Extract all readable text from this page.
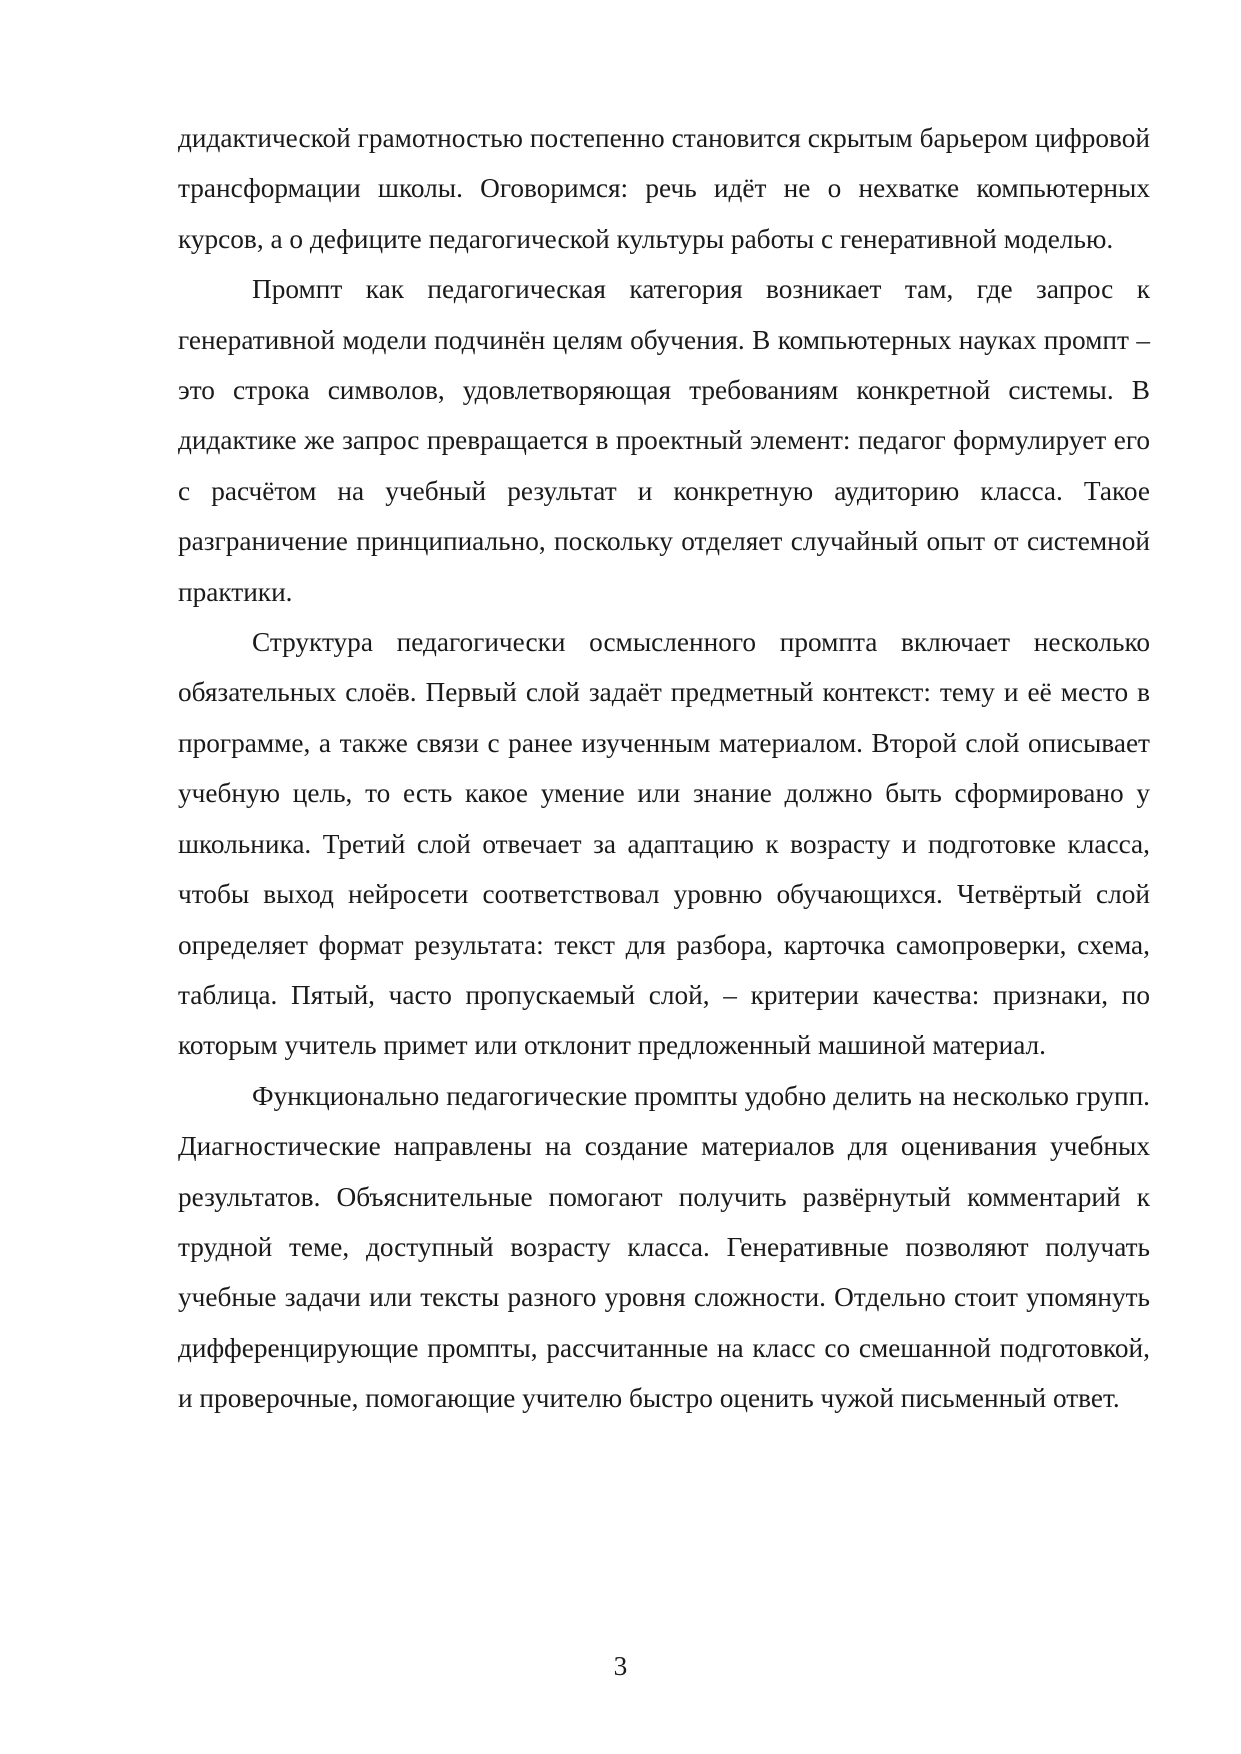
дидактической грамотностью постепенно становится скрытым барьером цифровой трансформации школы. Оговоримся: речь идёт не о нехватке компьютерных курсов, а о дефиците педагогической культуры работы с генеративной моделью.

Промпт как педагогическая категория возникает там, где запрос к генеративной модели подчинён целям обучения. В компьютерных науках промпт – это строка символов, удовлетворяющая требованиям конкретной системы. В дидактике же запрос превращается в проектный элемент: педагог формулирует его с расчётом на учебный результат и конкретную аудиторию класса. Такое разграничение принципиально, поскольку отделяет случайный опыт от системной практики.

Структура педагогически осмысленного промпта включает несколько обязательных слоёв. Первый слой задаёт предметный контекст: тему и её место в программе, а также связи с ранее изученным материалом. Второй слой описывает учебную цель, то есть какое умение или знание должно быть сформировано у школьника. Третий слой отвечает за адаптацию к возрасту и подготовке класса, чтобы выход нейросети соответствовал уровню обучающихся. Четвёртый слой определяет формат результата: текст для разбора, карточка самопроверки, схема, таблица. Пятый, часто пропускаемый слой, – критерии качества: признаки, по которым учитель примет или отклонит предложенный машиной материал.

Функционально педагогические промпты удобно делить на несколько групп. Диагностические направлены на создание материалов для оценивания учебных результатов. Объяснительные помогают получить развёрнутый комментарий к трудной теме, доступный возрасту класса. Генеративные позволяют получать учебные задачи или тексты разного уровня сложности. Отдельно стоит упомянуть дифференцирующие промпты, рассчитанные на класс со смешанной подготовкой, и проверочные, помогающие учителю быстро оценить чужой письменный ответ.

3
